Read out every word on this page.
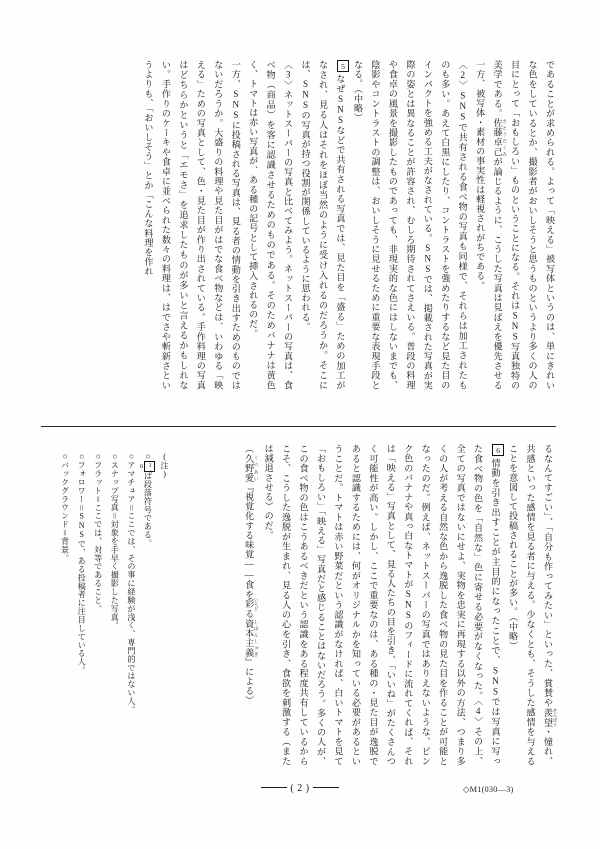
であることが求められる。よって「映える」被写体というのは、単にきれいな色をしているとか、撮影者がおいしそうと思うものというより多くの人の目にとって「おもしろい」ものということになる。それはSNS写真独特の美学である。佐藤卓己 さとうたくみが論じるように、こうした写真は見ばえを優先させる一方、被写体・素材の事実性は軽視されがちである。

〈2〉SNSで共有される食べ物の写真も同様で、それらは加工されたものも多い。あえて白黒にしたり、コントラストを強めたりするなど見た目のインパクトを強める工夫がなされている。SNSでは、掲載された写真が実際の姿とは異なることが許容され、むしろ期待されてさえいる。普段の料理や食卓の風景を撮影したものであっても、非現実的な色にはしないまでも、陰影やコントラストの調整は、おいしそうに見せるために重要な表現手段となる。（中略）

5なぜSNSなどで共有される写真では、見た目を「盛る」ための加工がなされ、見る人はそれをほぼ当然のように受け入れるのだろうか。そこには、SNSの写真が持つ役割が関係しているように思われる。

〈3〉ネットスーパーの写真と比べてみよう。ネットスーパーの写真は、食べ物（商品）を客に認識させるためのものである。そのためバナナは黄色く、トマトは赤い写真が、ある種の記号として挿入されるのだ。

一方、SNSに投稿される写真は、見る者の情動を引き出すためのものではないだろうか。大盛りの料理や見た目がはでな食べ物などは、いわゆる「映える」ための写真として、色・見た目が作り出されている。手作料理の写真はどちらかというと「エモさ」を追求したものが多いと言えるかもしれない。手作りのケーキや食卓に並べられた数々の料理は、はでさや斬新さというよりも、「おいしそう」とか「こんな料理を作れ

るなんてすごい」、「自分も作ってみたい」といった、賞賛や羨望 せんぼう・憧れ、共感といった感情を見る者に与える。少なくとも、そうした感情を与えることを意図して投稿されることが多い。（中略）

6情動を引き出すことが主目的になったことで、SNSでは写真に写った食べ物の色を「自然な」色に寄せる必要がなくなった。〈4〉その上、全ての写真ではないにせよ、実物を忠実に再現する以外の方法、つまり多くの人が考える自然な色から逸脱した食べ物の見た目を作ることが可能となったのだ。例えば、ネットスーパーの写真ではありえないような、ピンク色のバナナや真っ白なトマトがSNSのフィードに流れてくれば、それは「映える」写真として、見る人たちの目を引き、「いいね」がたくさんつく可能性が高い。しかし、ここで重要なのは、ある種の・見た目が逸脱であると認識するためには、何がオリジナルかを知っている必要があるということだ。トマトは赤い野菜だという認識がなければ、白いトマトを見て「おもしろい」「映える」写真だと感じることはないだろう。多くの人が、この食べ物の色はこうあるべきだという認識をある程度共有しているからこそ、こうした逸脱が生まれ、見る人の心を引き、食欲を刺激する（または減退させる）のだ。

（久野愛 くのあい『視覚化する味覚——食を彩 いろどる資本主義 しほんしゅぎ』による）

(注)

○1〜6は段落符号である。
○アマチュア＝ここでは、その事に経験が浅く、専門的ではない人。
○スナップ写真＝対象を手早く撮影した写真。
○フラット＝ここでは、対等であること。
○フォロワー＝SNSで、ある投稿者に注目している人。
○バックグラウンド＝背景。
( 2 )	◇M1(030—3)
